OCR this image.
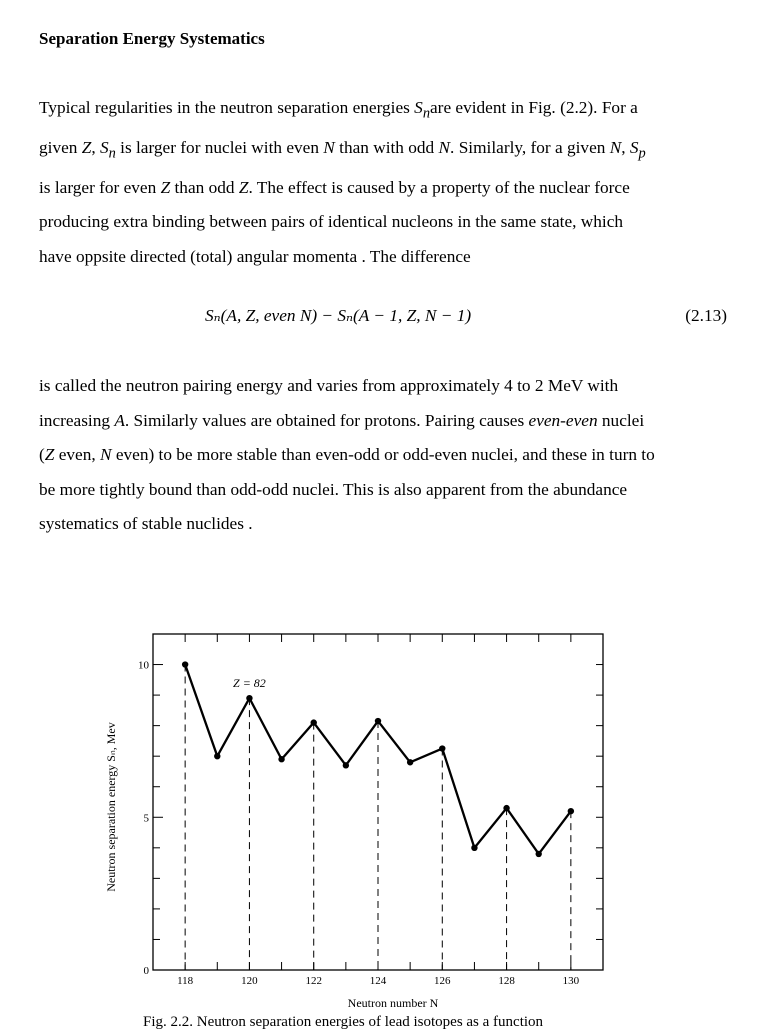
Separation Energy Systematics

Typical regularities in the neutron separation energies $S_nare$ evident in Fig. (2.2). For a
given Z, $S_n$ is larger for nuclei with even N than with odd N. Similarly, for a given N, $S_p$
is larger for even Z than odd Z. The effect is caused by a property of the nuclear force
producing extra binding between pairs of identical nucleons in the same state, which
have oppsite directed (total) angular momenta . The difference

Sₙ(A, Z, even N) − Sₙ(A − 1, Z, N − 1)	(2.13)

is called the neutron pairing energy and varies from approximately 4 to 2 MeV with
increasing A. Similarly values are obtained for protons. Pairing causes even-even nuclei
(Z even, N even) to be more stable than even-odd or odd-even nuclei, and these in turn to
be more tightly bound than odd-odd nuclei. This is also apparent from the abundance
systematics of stable nuclides .

118	120	122	124	126	128	130
0
5
10
Z = 82
Neutron number N
Neutron separation energy Sₙ, Mev
Fig. 2.2. Neutron separation energies of lead isotopes as a function
